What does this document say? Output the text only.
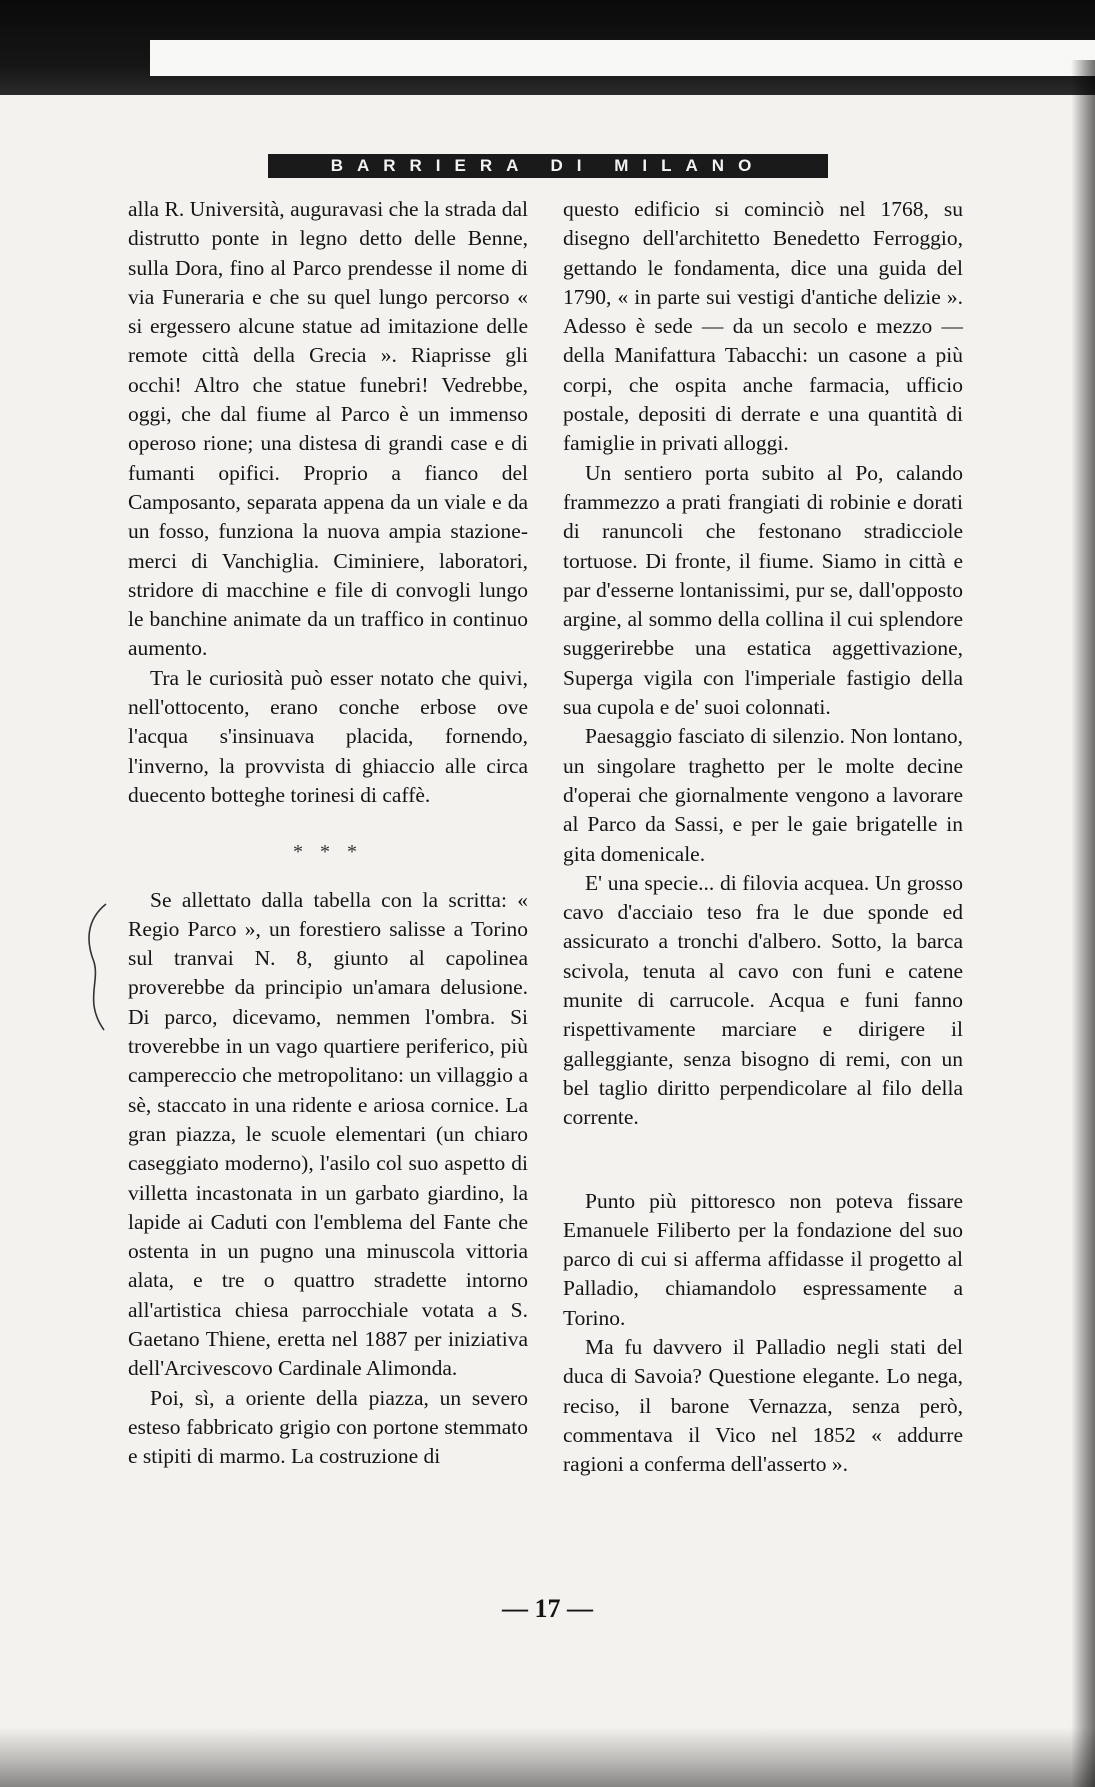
BARRIERA DI MILANO

alla R. Università, auguravasi che la strada dal distrutto ponte in legno detto delle Benne, sulla Dora, fino al Parco prendesse il nome di via Funeraria e che su quel lungo percorso « si ergessero alcune statue ad imitazione delle remote città della Grecia ». Riaprisse gli occhi! Altro che statue funebri! Vedrebbe, oggi, che dal fiume al Parco è un immenso operoso rione; una distesa di grandi case e di fumanti opifici. Proprio a fianco del Camposanto, separata appena da un viale e da un fosso, funziona la nuova ampia stazione-merci di Vanchiglia. Ciminiere, laboratori, stridore di macchine e file di convogli lungo le banchine animate da un traffico in continuo aumento.

Tra le curiosità può esser notato che quivi, nell'ottocento, erano conche erbose ove l'acqua s'insinuava placida, fornendo, l'inverno, la provvista di ghiaccio alle circa duecento botteghe torinesi di caffè.

* * *

Se allettato dalla tabella con la scritta: « Regio Parco », un forestiero salisse a Torino sul tranvai N. 8, giunto al capolinea proverebbe da principio un'amara delusione. Di parco, dicevamo, nemmen l'ombra. Si troverebbe in un vago quartiere periferico, più campereccio che metropolitano: un villaggio a sè, staccato in una ridente e ariosa cornice. La gran piazza, le scuole elementari (un chiaro caseggiato moderno), l'asilo col suo aspetto di villetta incastonata in un garbato giardino, la lapide ai Caduti con l'emblema del Fante che ostenta in un pugno una minuscola vittoria alata, e tre o quattro stradette intorno all'artistica chiesa parrocchiale votata a S. Gaetano Thiene, eretta nel 1887 per iniziativa dell'Arcivescovo Cardinale Alimonda.

Poi, sì, a oriente della piazza, un severo esteso fabbricato grigio con portone stemmato e stipiti di marmo. La costruzione di

questo edificio si cominciò nel 1768, su disegno dell'architetto Benedetto Ferroggio, gettando le fondamenta, dice una guida del 1790, « in parte sui vestigi d'antiche delizie ». Adesso è sede — da un secolo e mezzo — della Manifattura Tabacchi: un casone a più corpi, che ospita anche farmacia, ufficio postale, depositi di derrate e una quantità di famiglie in privati alloggi.

Un sentiero porta subito al Po, calando frammezzo a prati frangiati di robinie e dorati di ranuncoli che festonano stradicciole tortuose. Di fronte, il fiume. Siamo in città e par d'esserne lontanissimi, pur se, dall'opposto argine, al sommo della collina il cui splendore suggerirebbe una estatica aggettivazione, Superga vigila con l'imperiale fastigio della sua cupola e de' suoi colonnati.

Paesaggio fasciato di silenzio. Non lontano, un singolare traghetto per le molte decine d'operai che giornalmente vengono a lavorare al Parco da Sassi, e per le gaie brigatelle in gita domenicale.

E' una specie... di filovia acquea. Un grosso cavo d'acciaio teso fra le due sponde ed assicurato a tronchi d'albero. Sotto, la barca scivola, tenuta al cavo con funi e catene munite di carrucole. Acqua e funi fanno rispettivamente marciare e dirigere il galleggiante, senza bisogno di remi, con un bel taglio diritto perpendicolare al filo della corrente.

Punto più pittoresco non poteva fissare Emanuele Filiberto per la fondazione del suo parco di cui si afferma affidasse il progetto al Palladio, chiamandolo espressamente a Torino.

Ma fu davvero il Palladio negli stati del duca di Savoia? Questione elegante. Lo nega, reciso, il barone Vernazza, senza però, commentava il Vico nel 1852 « addurre ragioni a conferma dell'asserto ».

— 17 —
